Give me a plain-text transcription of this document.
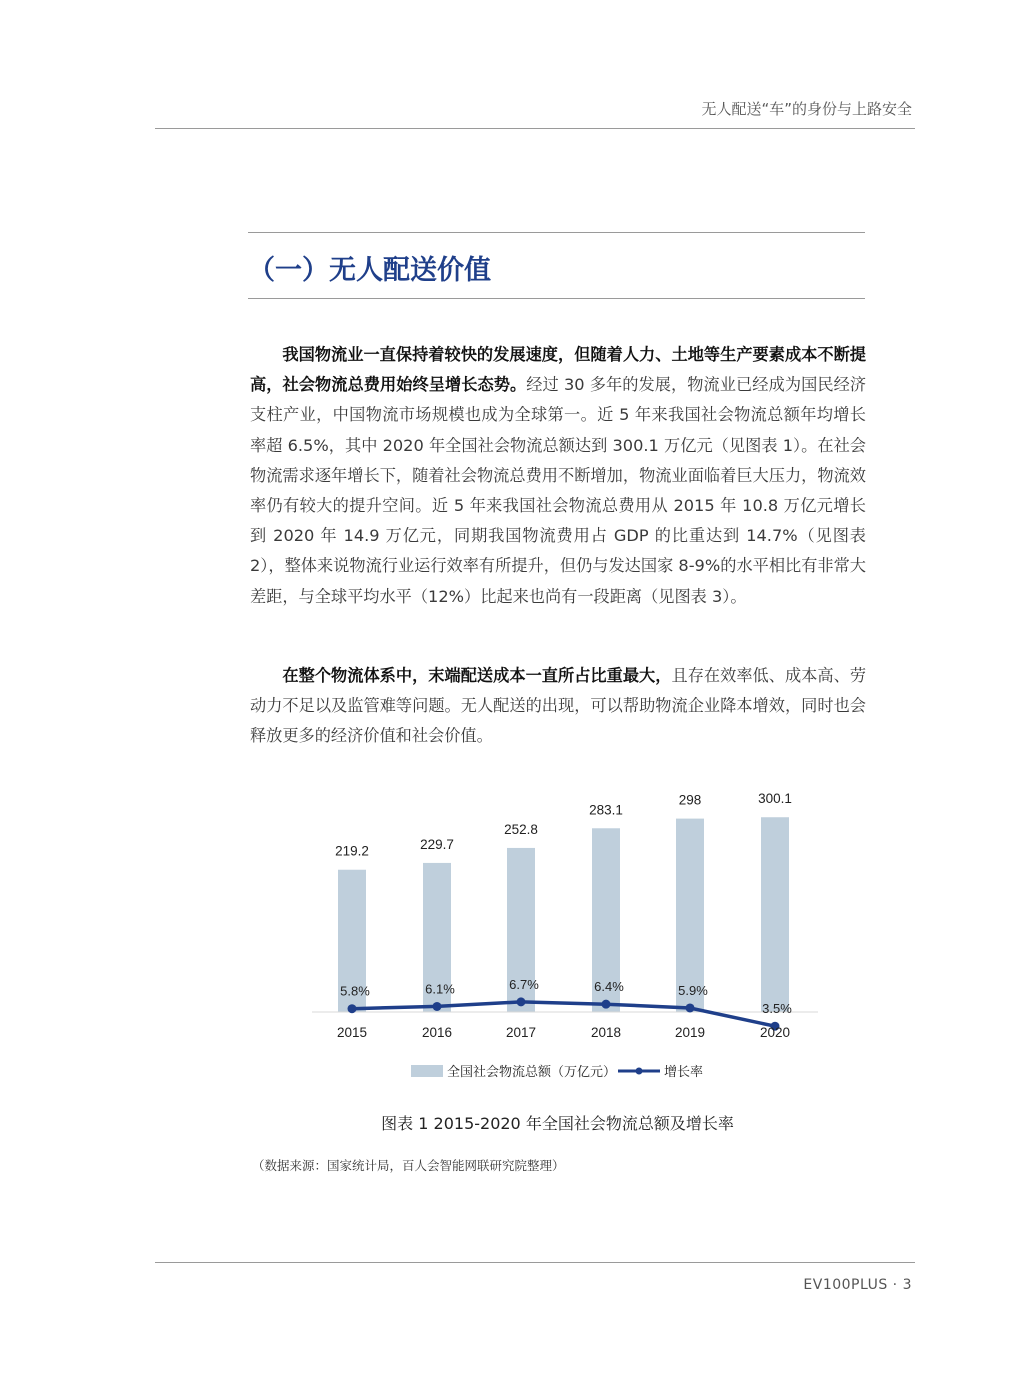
无人配送“车”的身份与上路安全
（一）无人配送价值

我国物流业一直保持着较快的发展速度，但随着人力、土地等生产要素成本不断提高，社会物流总费用始终呈增长态势。经过 30 多年的发展，物流业已经成为国民经济支柱产业，中国物流市场规模也成为全球第一。近 5 年来我国社会物流总额年均增长率超 6.5%，其中 2020 年全国社会物流总额达到 300.1 万亿元（见图表 1）。在社会物流需求逐年增长下，随着社会物流总费用不断增加，物流业面临着巨大压力，物流效率仍有较大的提升空间。近 5 年来我国社会物流总费用从 2015 年 10.8 万亿元增长到 2020 年 14.9 万亿元，同期我国物流费用占 GDP 的比重达到 14.7%（见图表 2），整体来说物流行业运行效率有所提升，但仍与发达国家 8-9%的水平相比有非常大差距，与全球平均水平（12%）比起来也尚有一段距离（见图表 3）。

在整个物流体系中，末端配送成本一直所占比重最大，且存在效率低、成本高、劳动力不足以及监管难等问题。无人配送的出现，可以帮助物流企业降本增效，同时也会释放更多的经济价值和社会价值。

219.2	229.7
252.8
283.1
298	300.1
5.8%	6.1%	6.7%	6.4%	5.9%
3.5%
2015	2016	2017	2018	2019	2020
全国社会物流总额（万亿元）	增长率
图表 1 2015-2020 年全国社会物流总额及增长率
（数据来源：国家统计局，百人会智能网联研究院整理）
EV100PLUS · 3
